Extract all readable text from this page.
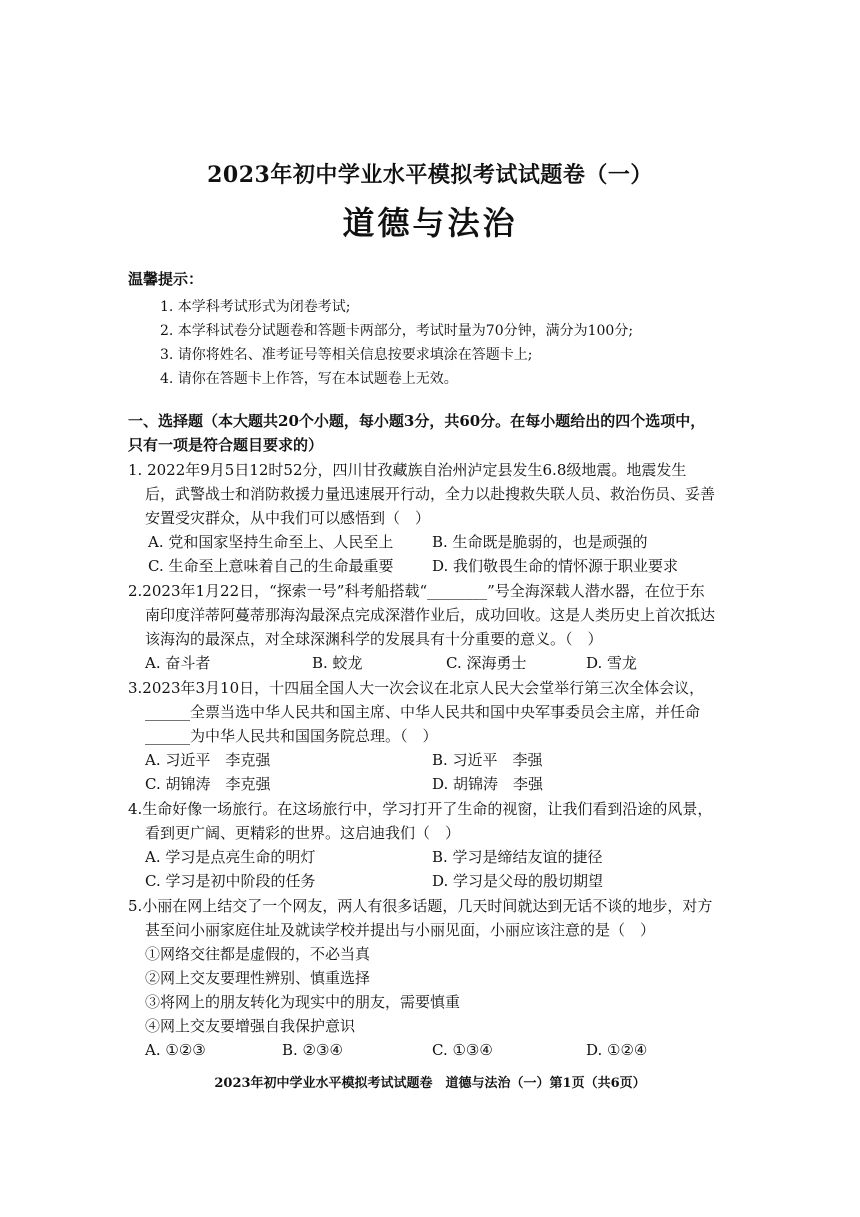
2023年初中学业水平模拟考试试题卷（一）
道德与法治
温馨提示：
1. 本学科考试形式为闭卷考试;
2. 本学科试卷分试题卷和答题卡两部分，考试时量为70分钟，满分为100分;
3. 请你将姓名、准考证号等相关信息按要求填涂在答题卡上;
4. 请你在答题卡上作答，写在本试题卷上无效。
一、选择题（本大题共20个小题，每小题3分，共60分。在每小题给出的四个选项中，
只有一项是符合题目要求的）
1. 2022年9月5日12时52分，四川甘孜藏族自治州泸定县发生6.8级地震。地震发生
后，武警战士和消防救援力量迅速展开行动，全力以赴搜救失联人员、救治伤员、妥善
安置受灾群众，从中我们可以感悟到（　）
A. 党和国家坚持生命至上、人民至上	B. 生命既是脆弱的，也是顽强的
C. 生命至上意味着自己的生命最重要	D. 我们敬畏生命的情怀源于职业要求
2.2023年1月22日，“探索一号”科考船搭载“________”号全海深载人潜水器，在位于东
南印度洋蒂阿蔓蒂那海沟最深点完成深潜作业后，成功回收。这是人类历史上首次抵达
该海沟的最深点，对全球深渊科学的发展具有十分重要的意义。（　）
A. 奋斗者	B. 蛟龙	C. 深海勇士	D. 雪龙
3.2023年3月10日，十四届全国人大一次会议在北京人民大会堂举行第三次全体会议，
______全票当选中华人民共和国主席、中华人民共和国中央军事委员会主席，并任命
______为中华人民共和国国务院总理。（　）
A. 习近平　李克强	B. 习近平　李强
C. 胡锦涛　李克强	D. 胡锦涛　李强
4.生命好像一场旅行。在这场旅行中，学习打开了生命的视窗，让我们看到沿途的风景，
看到更广阔、更精彩的世界。这启迪我们（　）
A. 学习是点亮生命的明灯	B. 学习是缔结友谊的捷径
C. 学习是初中阶段的任务	D. 学习是父母的殷切期望
5.小丽在网上结交了一个网友，两人有很多话题，几天时间就达到无话不谈的地步，对方
甚至问小丽家庭住址及就读学校并提出与小丽见面，小丽应该注意的是（　）
①网络交往都是虚假的，不必当真
②网上交友要理性辨别、慎重选择
③将网上的朋友转化为现实中的朋友，需要慎重
④网上交友要增强自我保护意识
A. ①②③	B. ②③④	C. ①③④	D. ①②④
2023年初中学业水平模拟考试试题卷　道德与法治（一）第1页（共6页）
